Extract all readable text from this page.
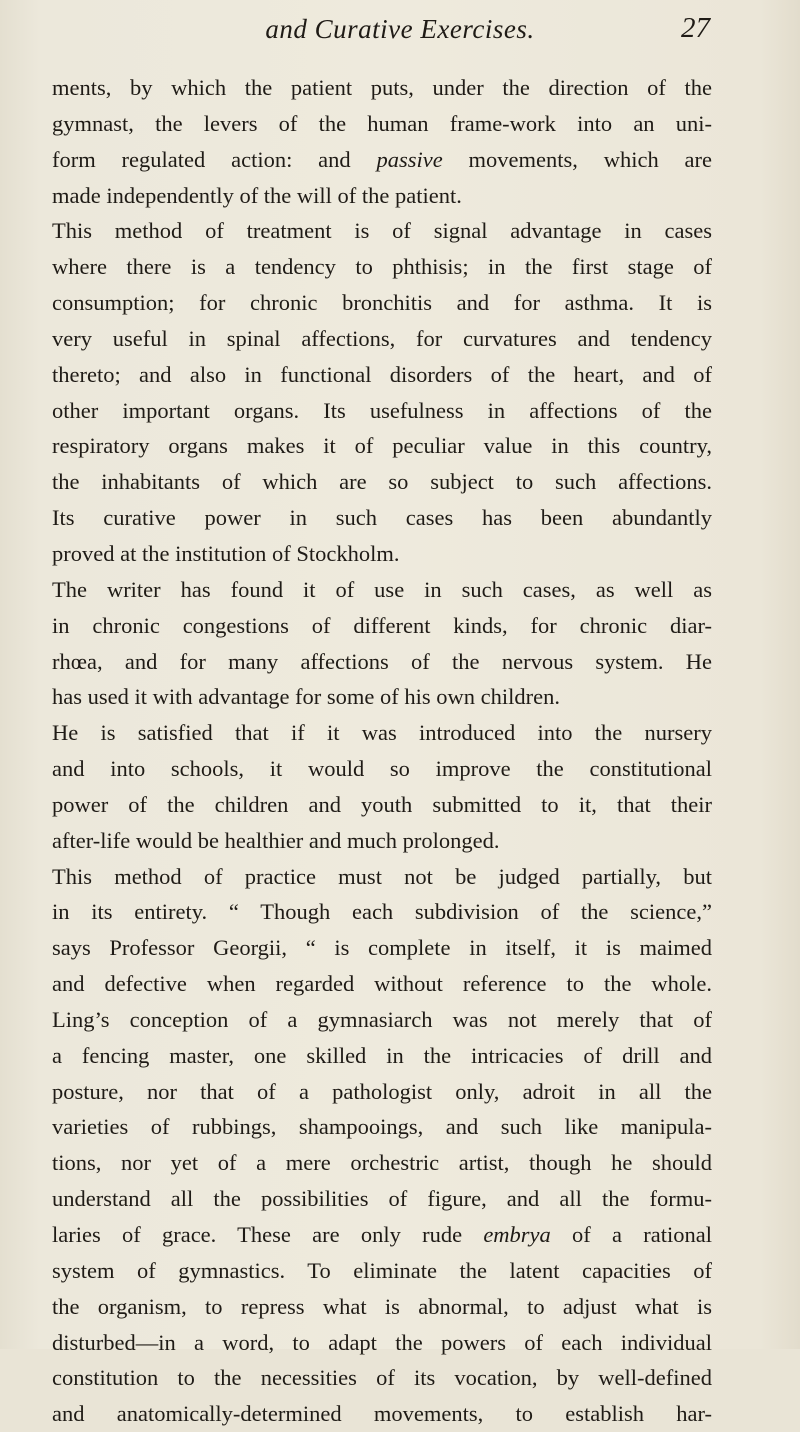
and Curative Exercises.	27
ments, by which the patient puts, under the direction of the
gymnast, the levers of the human frame-work into an uni-
form regulated action: and passive movements, which are
made independently of the will of the patient.
This method of treatment is of signal advantage in cases
where there is a tendency to phthisis; in the first stage of
consumption; for chronic bronchitis and for asthma. It is
very useful in spinal affections, for curvatures and tendency
thereto; and also in functional disorders of the heart, and of
other important organs. Its usefulness in affections of the
respiratory organs makes it of peculiar value in this country,
the inhabitants of which are so subject to such affections.
Its curative power in such cases has been abundantly
proved at the institution of Stockholm.
The writer has found it of use in such cases, as well as
in chronic congestions of different kinds, for chronic diar-
rhœa, and for many affections of the nervous system. He
has used it with advantage for some of his own children.
He is satisfied that if it was introduced into the nursery
and into schools, it would so improve the constitutional
power of the children and youth submitted to it, that their
after-life would be healthier and much prolonged.
This method of practice must not be judged partially, but
in its entirety. “ Though each subdivision of the science,”
says Professor Georgii, “ is complete in itself, it is maimed
and defective when regarded without reference to the whole.
Ling’s conception of a gymnasiarch was not merely that of
a fencing master, one skilled in the intricacies of drill and
posture, nor that of a pathologist only, adroit in all the
varieties of rubbings, shampooings, and such like manipula-
tions, nor yet of a mere orchestric artist, though he should
understand all the possibilities of figure, and all the formu-
laries of grace. These are only rude embrya of a rational
system of gymnastics. To eliminate the latent capacities of
the organism, to repress what is abnormal, to adjust what is
disturbed—in a word, to adapt the powers of each individual
constitution to the necessities of its vocation, by well-defined
and anatomically-determined movements, to establish har-
